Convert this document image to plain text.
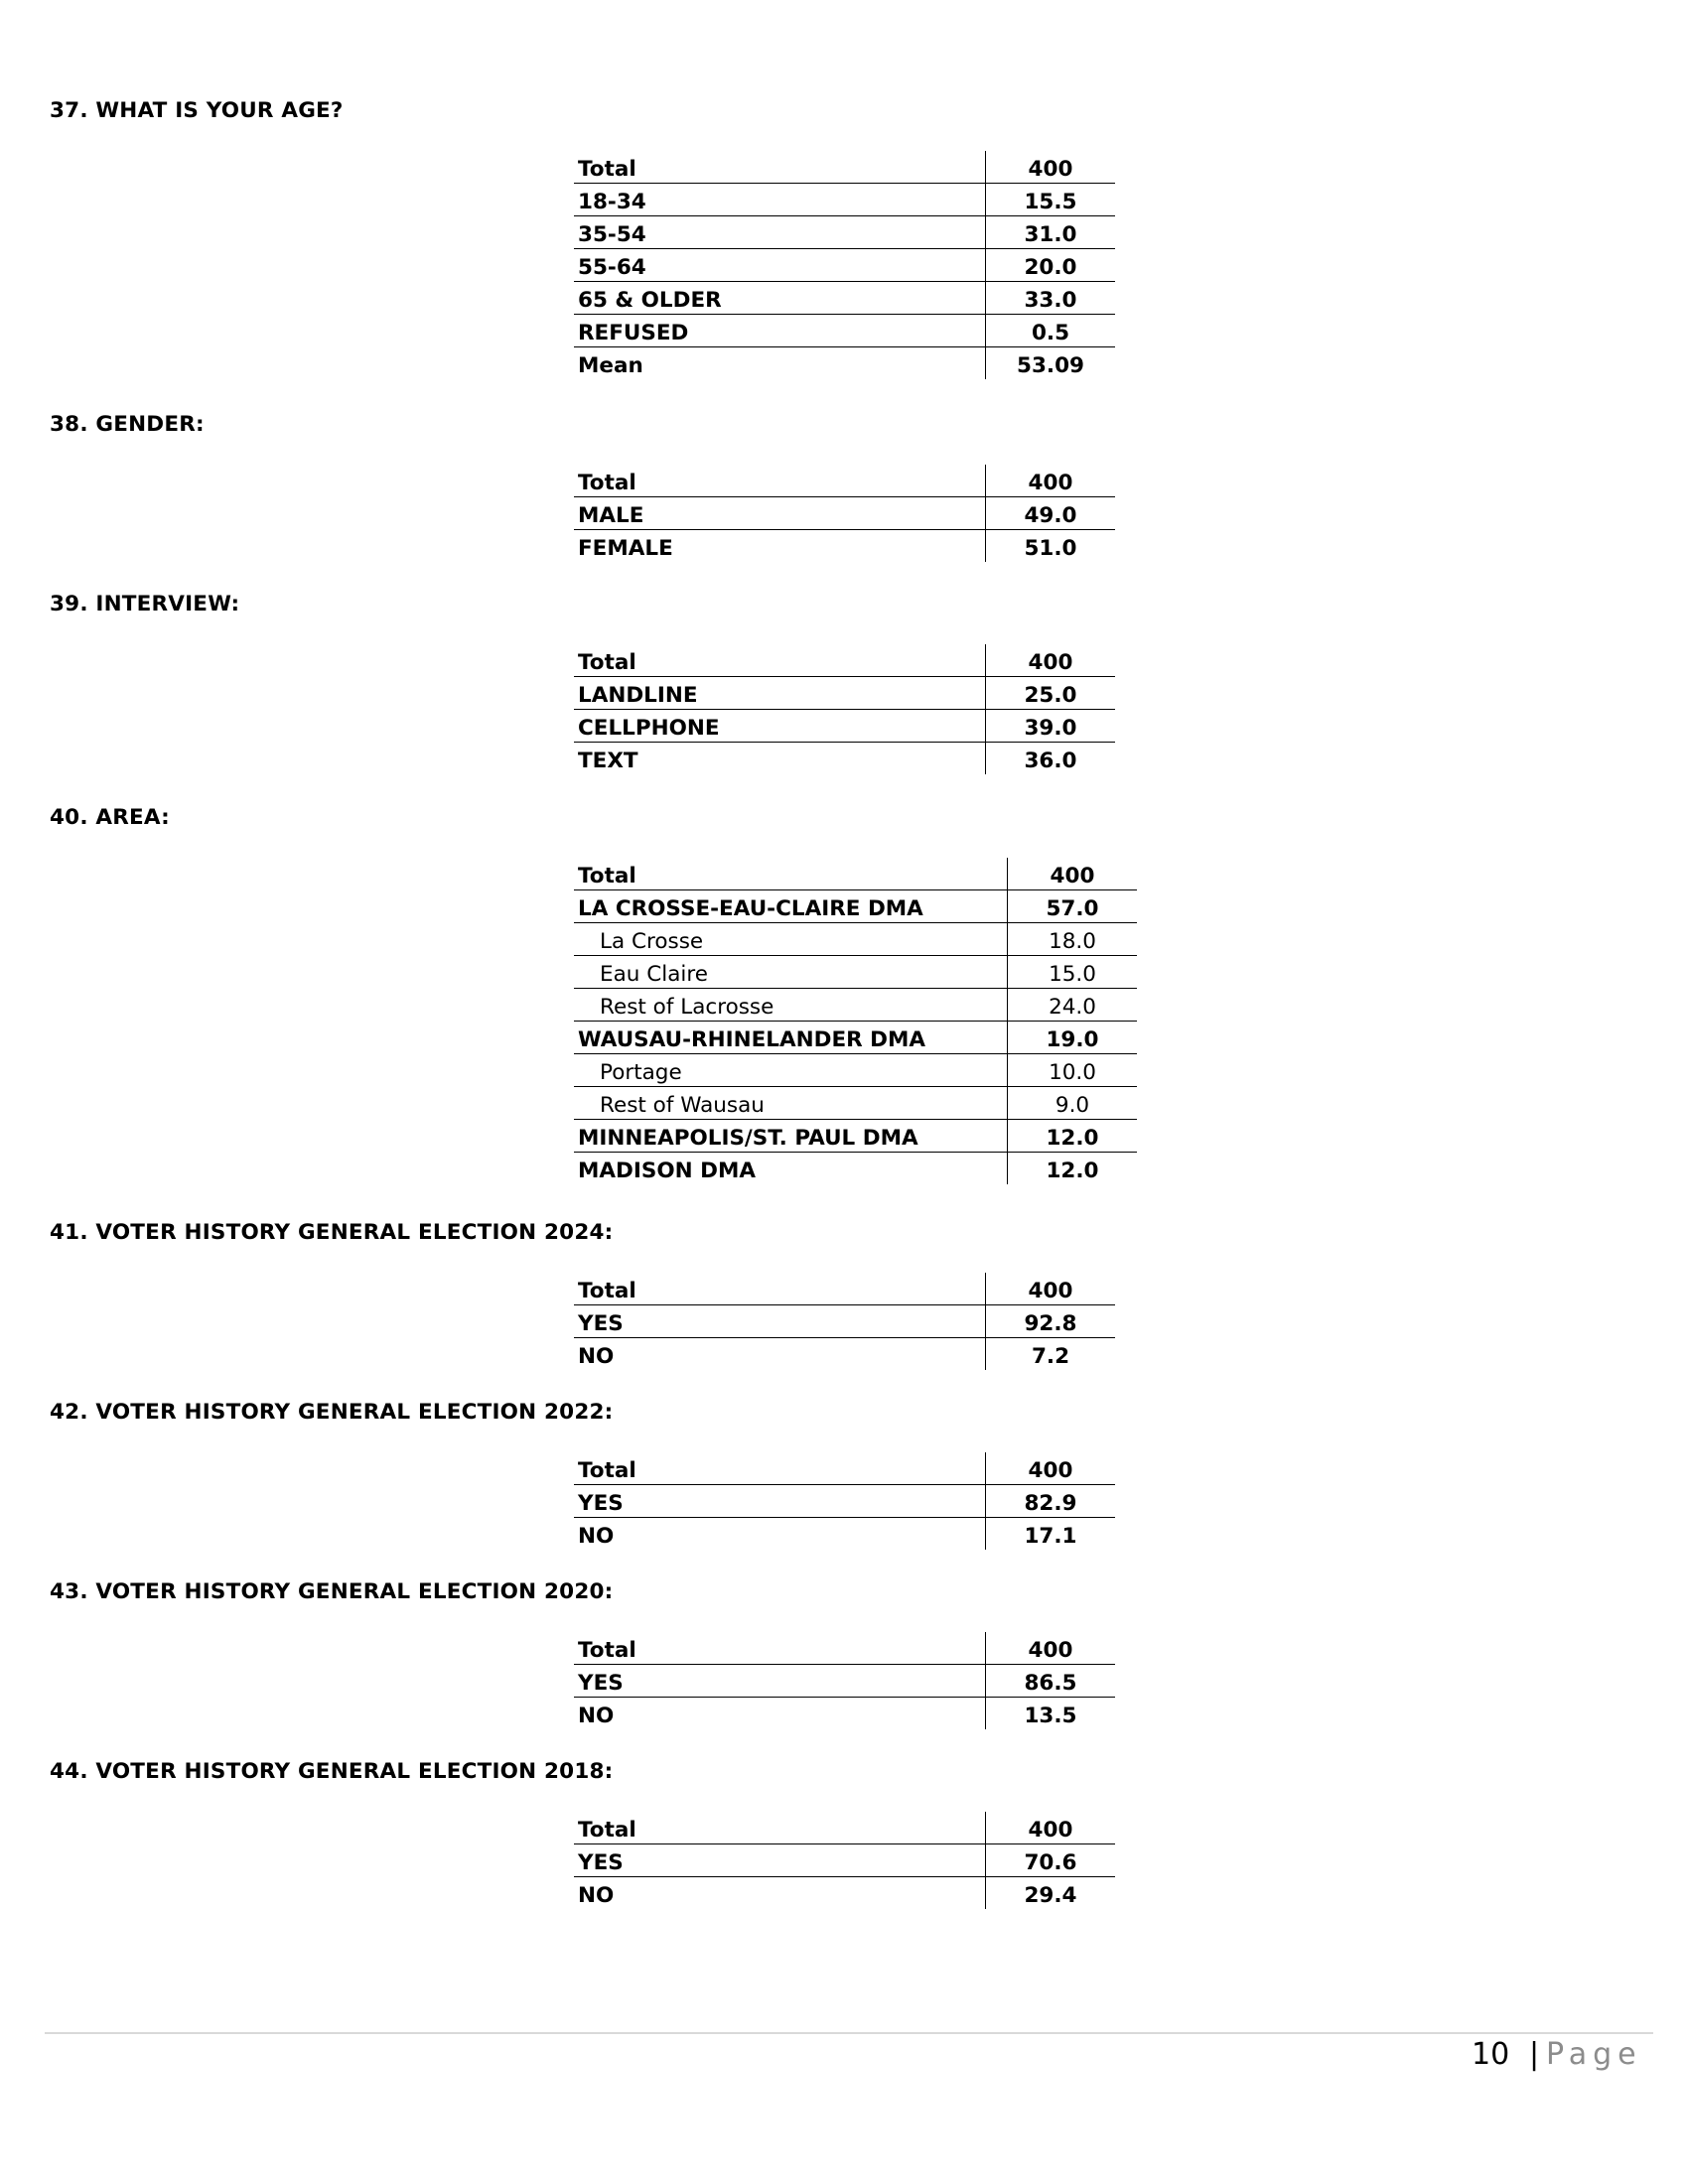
37. WHAT IS YOUR AGE?
Total	400
18-34	15.5
35-54	31.0
55-64	20.0
65 & OLDER	33.0
REFUSED	0.5
Mean	53.09
38. GENDER:
Total	400
MALE	49.0
FEMALE	51.0
39. INTERVIEW:
Total	400
LANDLINE	25.0
CELLPHONE	39.0
TEXT	36.0
40. AREA:
Total	400
LA CROSSE-EAU-CLAIRE DMA	57.0
La Crosse	18.0
Eau Claire	15.0
Rest of Lacrosse	24.0
WAUSAU-RHINELANDER DMA	19.0
Portage	10.0
Rest of Wausau	9.0
MINNEAPOLIS/ST. PAUL DMA	12.0
MADISON DMA	12.0
41. VOTER HISTORY GENERAL ELECTION 2024:
Total	400
YES	92.8
NO	7.2
42. VOTER HISTORY GENERAL ELECTION 2022:
Total	400
YES	82.9
NO	17.1
43. VOTER HISTORY GENERAL ELECTION 2020:
Total	400
YES	86.5
NO	13.5
44. VOTER HISTORY GENERAL ELECTION 2018:
Total	400
YES	70.6
NO	29.4
10 | Page
